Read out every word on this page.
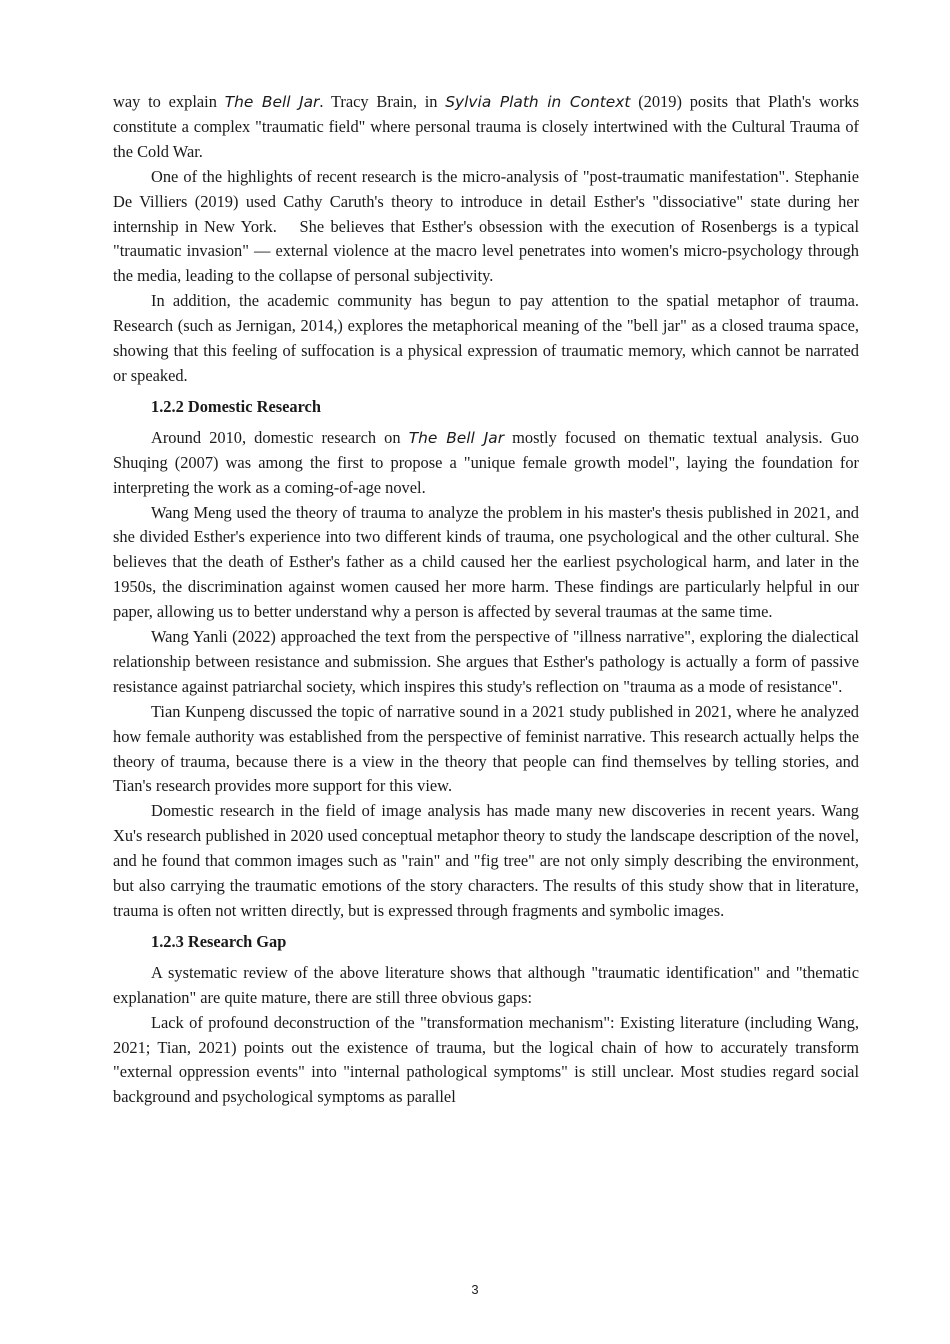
way to explain The Bell Jar. Tracy Brain, in Sylvia Plath in Context (2019) posits that Plath's works constitute a complex "traumatic field" where personal trauma is closely intertwined with the Cultural Trauma of the Cold War.

One of the highlights of recent research is the micro-analysis of "post-traumatic manifestation". Stephanie De Villiers (2019) used Cathy Caruth's theory to introduce in detail Esther's "dissociative" state during her internship in New York.  She believes that Esther's obsession with the execution of Rosenbergs is a typical "traumatic invasion" — external violence at the macro level penetrates into women's micro-psychology through the media, leading to the collapse of personal subjectivity.

In addition, the academic community has begun to pay attention to the spatial metaphor of trauma. Research (such as Jernigan, 2014,) explores the metaphorical meaning of the "bell jar" as a closed trauma space, showing that this feeling of suffocation is a physical expression of traumatic memory, which cannot be narrated or speaked.

1.2.2 Domestic Research

Around 2010, domestic research on The Bell Jar mostly focused on thematic textual analysis. Guo Shuqing (2007) was among the first to propose a "unique female growth model", laying the foundation for interpreting the work as a coming-of-age novel.

Wang Meng used the theory of trauma to analyze the problem in his master's thesis published in 2021, and she divided Esther's experience into two different kinds of trauma, one psychological and the other cultural. She believes that the death of Esther's father as a child caused her the earliest psychological harm, and later in the 1950s, the discrimination against women caused her more harm. These findings are particularly helpful in our paper, allowing us to better understand why a person is affected by several traumas at the same time.

Wang Yanli (2022) approached the text from the perspective of "illness narrative", exploring the dialectical relationship between resistance and submission. She argues that Esther's pathology is actually a form of passive resistance against patriarchal society, which inspires this study's reflection on "trauma as a mode of resistance".

Tian Kunpeng discussed the topic of narrative sound in a 2021 study published in 2021, where he analyzed how female authority was established from the perspective of feminist narrative. This research actually helps the theory of trauma, because there is a view in the theory that people can find themselves by telling stories, and Tian's research provides more support for this view.

Domestic research in the field of image analysis has made many new discoveries in recent years. Wang Xu's research published in 2020 used conceptual metaphor theory to study the landscape description of the novel, and he found that common images such as "rain" and "fig tree" are not only simply describing the environment, but also carrying the traumatic emotions of the story characters. The results of this study show that in literature, trauma is often not written directly, but is expressed through fragments and symbolic images.

1.2.3 Research Gap

A systematic review of the above literature shows that although "traumatic identification" and "thematic explanation" are quite mature, there are still three obvious gaps:

Lack of profound deconstruction of the "transformation mechanism": Existing literature (including Wang, 2021; Tian, 2021) points out the existence of trauma, but the logical chain of how to accurately transform "external oppression events" into "internal pathological symptoms" is still unclear. Most studies regard social background and psychological symptoms as parallel

3
